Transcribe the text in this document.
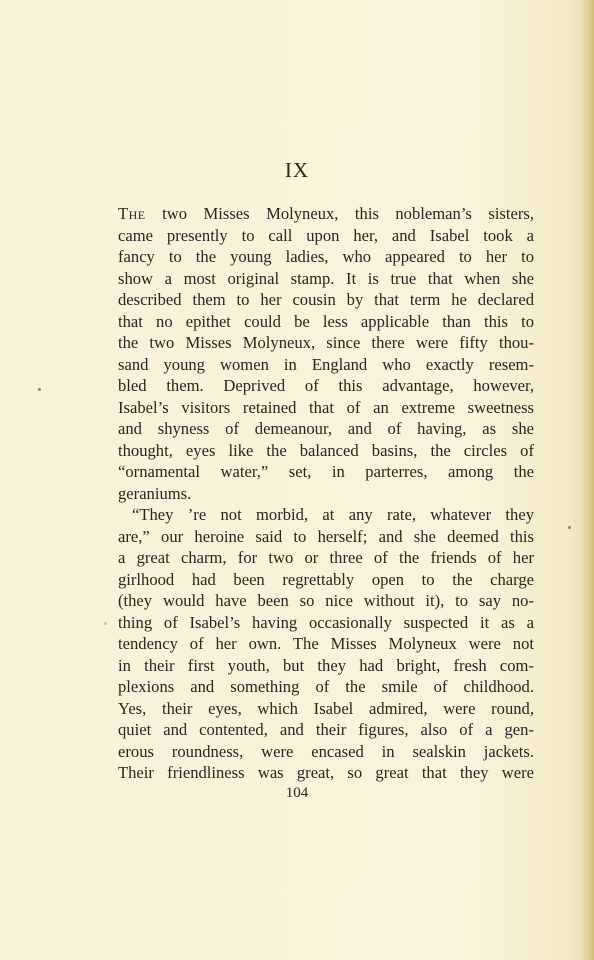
IX
The two Misses Molyneux, this nobleman’s sisters,
came presently to call upon her, and Isabel took a
fancy to the young ladies, who appeared to her to
show a most original stamp. It is true that when she
described them to her cousin by that term he declared
that no epithet could be less applicable than this to
the two Misses Molyneux, since there were fifty thou-
sand young women in England who exactly resem-
bled them. Deprived of this advantage, however,
Isabel’s visitors retained that of an extreme sweetness
and shyness of demeanour, and of having, as she
thought, eyes like the balanced basins, the circles of
“ornamental water,” set, in parterres, among the
geraniums.
“They ’re not morbid, at any rate, whatever they
are,” our heroine said to herself; and she deemed this
a great charm, for two or three of the friends of her
girlhood had been regrettably open to the charge
(they would have been so nice without it), to say no-
thing of Isabel’s having occasionally suspected it as a
tendency of her own. The Misses Molyneux were not
in their first youth, but they had bright, fresh com-
plexions and something of the smile of childhood.
Yes, their eyes, which Isabel admired, were round,
quiet and contented, and their figures, also of a gen-
erous roundness, were encased in sealskin jackets.
Their friendliness was great, so great that they were
104
